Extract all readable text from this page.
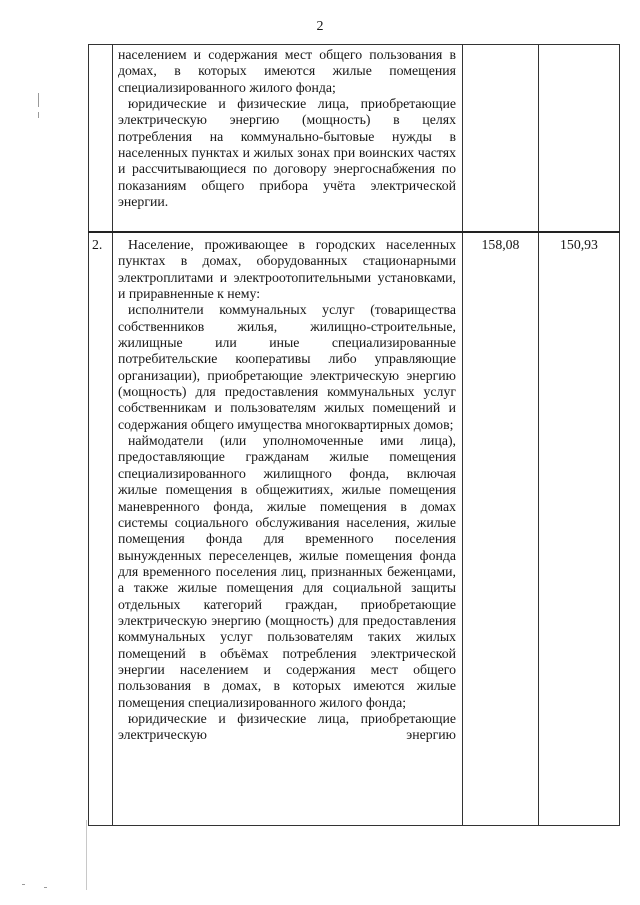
2

	населением и содержания мест общего пользования в домах, в которых имеются жилые помещения специализированного жилого фонда;
юридические и физические лица, приобретающие электрическую энергию (мощность) в целях потребления на коммунально-бытовые нужды в населенных пунктах и жилых зонах при воинских частях и рассчитывающиеся по договору энергоснабжения по показаниям общего прибора учёта электрической энергии.		

2.	Население, проживающее в городских населенных пунктах в домах, оборудованных стационарными электроплитами и электроотопительными установками, и приравненные к нему:
исполнители коммунальных услуг (товарищества собственников жилья, жилищно-строительные, жилищные или иные специализированные потребительские кооперативы либо управляющие организации), приобретающие электрическую энергию (мощность) для предоставления коммунальных услуг собственникам и пользователям жилых помещений и содержания общего имущества многоквартирных домов;
наймодатели (или уполномоченные ими лица), предоставляющие гражданам жилые помещения специализированного жилищного фонда, включая жилые помещения в общежитиях, жилые помещения маневренного фонда, жилые помещения в домах системы социального обслуживания населения, жилые помещения фонда для временного поселения вынужденных переселенцев, жилые помещения фонда для временного поселения лиц, признанных беженцами, а также жилые помещения для социальной защиты отдельных категорий граждан, приобретающие электрическую энергию (мощность) для предоставления коммунальных услуг пользователям таких жилых помещений в объёмах потребления электрической энергии населением и содержания мест общего пользования в домах, в которых имеются жилые помещения специализированного жилого фонда;
юридические и физические лица, приобретающие электрическую энергию	158,08	150,93
